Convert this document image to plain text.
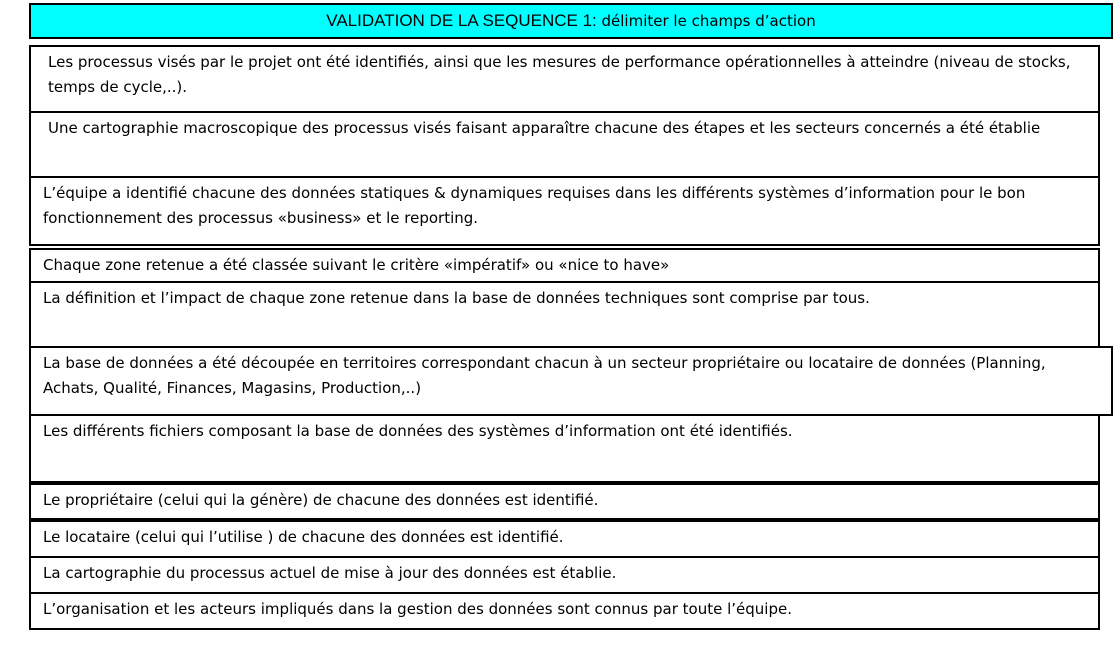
VALIDATION DE LA SEQUENCE 1: délimiter le champs d’action
Les processus visés par le projet ont été identifiés, ainsi que les mesures de performance opérationnelles à atteindre (niveau de stocks, temps de cycle,..).
Une cartographie macroscopique des processus visés faisant apparaître chacune des étapes et les secteurs concernés a été établie
L’équipe a identifié chacune des données statiques & dynamiques requises dans les différents systèmes d’information pour le bon fonctionnement des processus «business» et le reporting.
Chaque zone retenue a été classée suivant le critère «impératif» ou «nice to have»
La définition et l’impact de chaque zone retenue dans la base de données techniques sont comprise par tous.
La base de données a été découpée en territoires correspondant chacun à un secteur propriétaire ou locataire de données (Planning, Achats, Qualité, Finances, Magasins, Production,..)
Les différents fichiers composant la base de données des systèmes d’information ont été identifiés.
Le propriétaire (celui qui la génère) de chacune des données est identifié.
Le locataire (celui qui l’utilise ) de chacune des données est identifié.
La cartographie du processus actuel de mise à jour des données est établie.
L’organisation et les acteurs impliqués dans la gestion des données sont connus par toute l’équipe.
